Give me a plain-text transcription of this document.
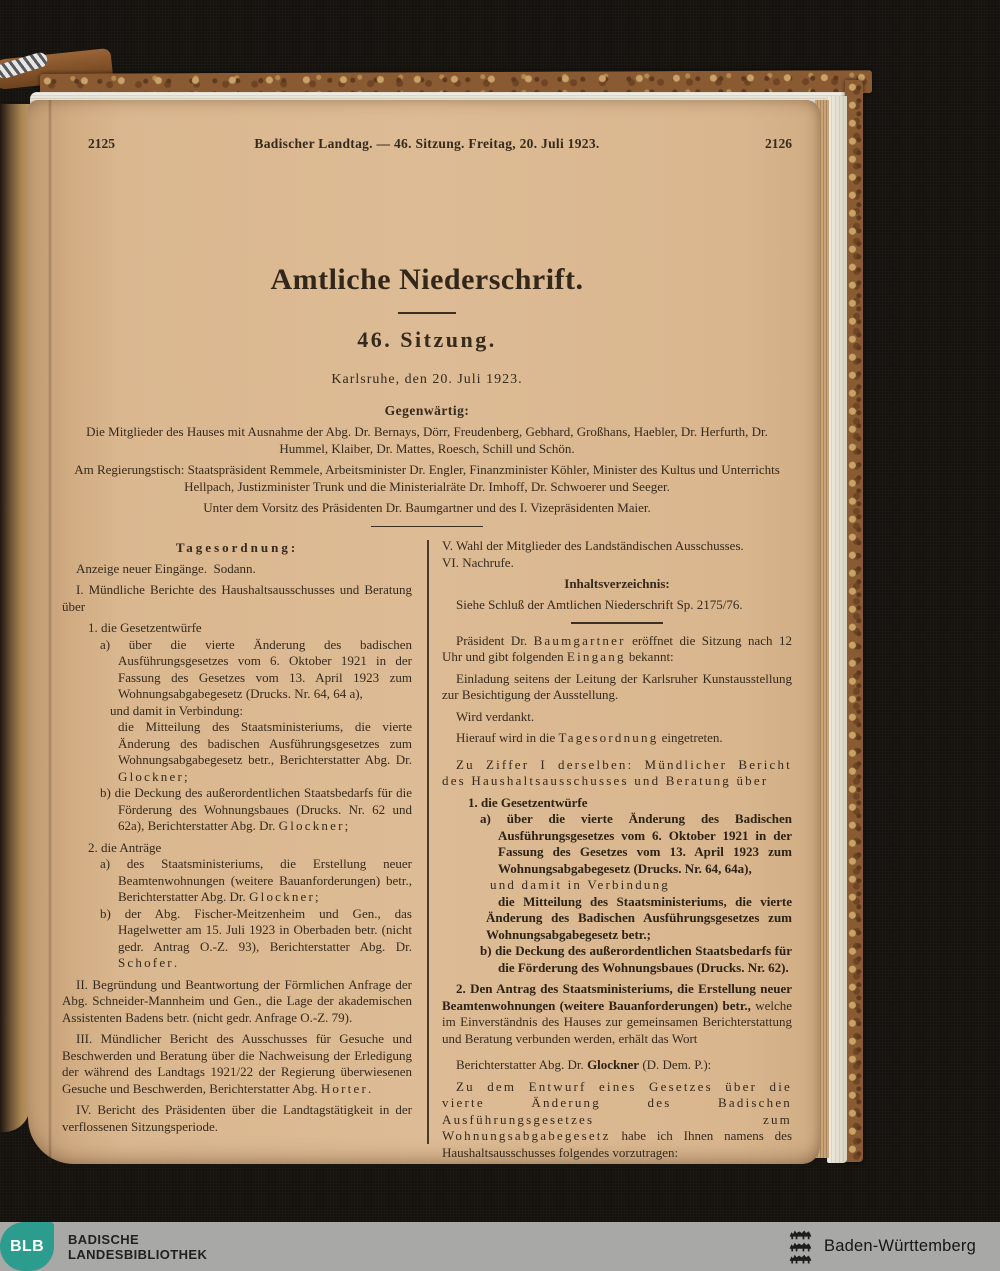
2125	Badischer Landtag. — 46. Sitzung. Freitag, 20. Juli 1923.	2126
Amtliche Niederschrift.
46. Sitzung.
Karlsruhe, den 20. Juli 1923.
Gegenwärtig:

Die Mitglieder des Hauses mit Ausnahme der Abg. Dr. Bernays, Dörr, Freudenberg, Gebhard, Großhans, Haebler, Dr. Herfurth, Dr. Hummel, Klaiber, Dr. Mattes, Roesch, Schill und Schön.

Am Regierungstisch: Staatspräsident Remmele, Arbeitsminister Dr. Engler, Finanzminister Köhler, Minister des Kultus und Unterrichts Hellpach, Justizminister Trunk und die Ministerialräte Dr. Imhoff, Dr. Schwoerer und Seeger.

Unter dem Vorsitz des Präsidenten Dr. Baumgartner und des I. Vizepräsidenten Maier.

Tagesordnung:

Anzeige neuer Eingänge.  Sodann.

I. Mündliche Berichte des Haushaltsausschusses und Beratung über

1. die Gesetzentwürfe

a) über die vierte Änderung des badischen Ausführungsgesetzes vom 6. Oktober 1921 in der Fassung des Gesetzes vom 13. April 1923 zum Wohnungsabgabegesetz (Drucks. Nr. 64, 64 a),

und damit in Verbindung:

die Mitteilung des Staatsministeriums, die vierte Änderung des badischen Ausführungsgesetzes zum Wohnungsabgabegesetz betr., Berichterstatter Abg. Dr. Glockner;

b) die Deckung des außerordentlichen Staatsbedarfs für die Förderung des Wohnungsbaues (Drucks. Nr. 62 und 62a), Berichterstatter Abg. Dr. Glockner;

2. die Anträge

a) des Staatsministeriums, die Erstellung neuer Beamtenwohnungen (weitere Bauanforderungen) betr., Berichterstatter Abg. Dr. Glockner;

b) der Abg. Fischer-Meitzenheim und Gen., das Hagelwetter am 15. Juli 1923 in Oberbaden betr. (nicht gedr. Antrag O.-Z. 93), Berichterstatter Abg. Dr. Schofer.

II. Begründung und Beantwortung der Förmlichen Anfrage der Abg. Schneider-Mannheim und Gen., die Lage der akademischen Assistenten Badens betr. (nicht gedr. Anfrage O.-Z. 79).

III. Mündlicher Bericht des Ausschusses für Gesuche und Beschwerden und Beratung über die Nachweisung der Erledigung der während des Landtags 1921/22 der Regierung überwiesenen Gesuche und Beschwerden, Berichterstatter Abg. Horter.

IV. Bericht des Präsidenten über die Landtagstätigkeit in der verflossenen Sitzungsperiode.

V. Wahl der Mitglieder des Landständischen Ausschusses.

VI. Nachrufe.

Inhaltsverzeichnis:

Siehe Schluß der Amtlichen Niederschrift Sp. 2175/76.

Präsident Dr. Baumgartner eröffnet die Sitzung nach 12 Uhr und gibt folgenden Eingang bekannt:

Einladung seitens der Leitung der Karlsruher Kunstausstellung zur Besichtigung der Ausstellung.

Wird verdankt.

Hierauf wird in die Tagesordnung eingetreten.

Zu Ziffer I derselben: Mündlicher Bericht des Haushaltsausschusses und Beratung über

1. die Gesetzentwürfe

a) über die vierte Änderung des Badischen Ausführungsgesetzes vom 6. Oktober 1921 in der Fassung des Gesetzes vom 13. April 1923 zum Wohnungsabgabegesetz (Drucks. Nr. 64, 64a),

und damit in Verbindung

die Mitteilung des Staatsministeriums, die vierte Änderung des Badischen Ausführungsgesetzes zum Wohnungsabgabegesetz betr.;

b) die Deckung des außerordentlichen Staatsbedarfs für die Förderung des Wohnungsbaues (Drucks. Nr. 62).

2. Den Antrag des Staatsministeriums, die Erstellung neuer Beamtenwohnungen (weitere Bauanforderungen) betr., welche im Einverständnis des Hauses zur gemeinsamen Berichterstattung und Beratung verbunden werden, erhält das Wort

Berichterstatter Abg. Dr. Glockner (D. Dem. P.):

Zu dem Entwurf eines Gesetzes über die vierte Änderung des Badischen Ausführungsgesetzes zum Wohnungsabgabegesetz habe ich Ihnen namens des Haushaltsausschusses folgendes vorzutragen:

BLB BADISCHE
LANDESBIBLIOTHEK	Baden-Württemberg
